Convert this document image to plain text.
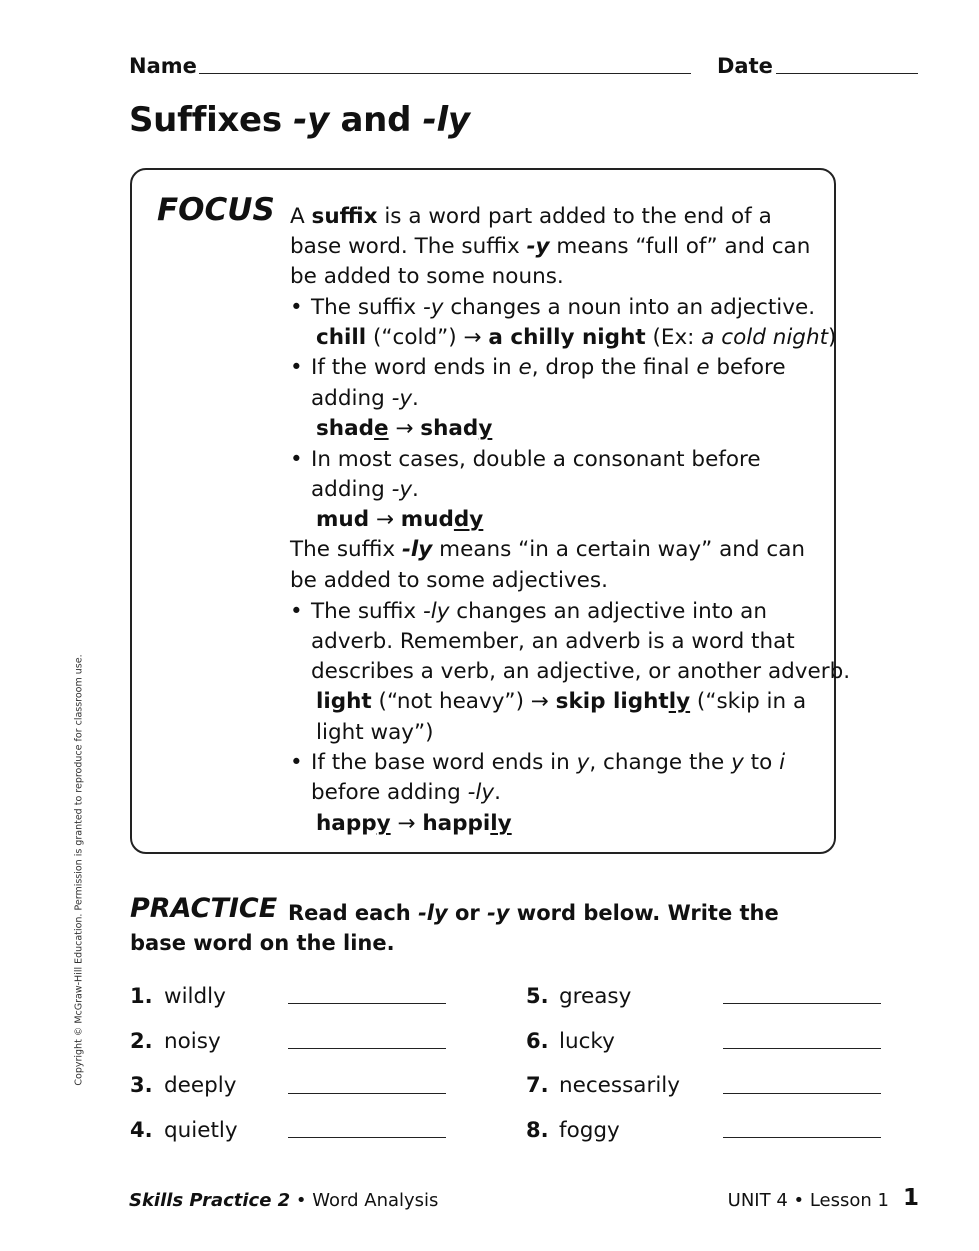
Name	Date
Suffixes -y and -ly
FOCUS A suffix is a word part added to the end of a
base word. The suffix -y means “full of” and can
be added to some nouns.
• The suffix -y changes a noun into an adjective.
chill (“cold”) → a chilly night (Ex: a cold night)
• If the word ends in e, drop the final e before
adding -y.
shade → shady
• In most cases, double a consonant before
adding -y.
mud → muddy
The suffix -ly means “in a certain way” and can
be added to some adjectives.
• The suffix -ly changes an adjective into an
adverb. Remember, an adverb is a word that
describes a verb, an adjective, or another adverb.
light (“not heavy”) → skip lightly (“skip in a
light way”)
• If the base word ends in y, change the y to i
before adding -ly.
happy → happily
PRACTICE Read each -ly or -y word below. Write the
base word on the line.
1. wildly
2. noisy
3. deeply
4. quietly
5. greasy
6. lucky
7. necessarily
8. foggy
Copyright © McGraw-Hill Education. Permission is granted to reproduce for classroom use.
Skills Practice 2 • Word Analysis	UNIT 4 • Lesson 1 1
